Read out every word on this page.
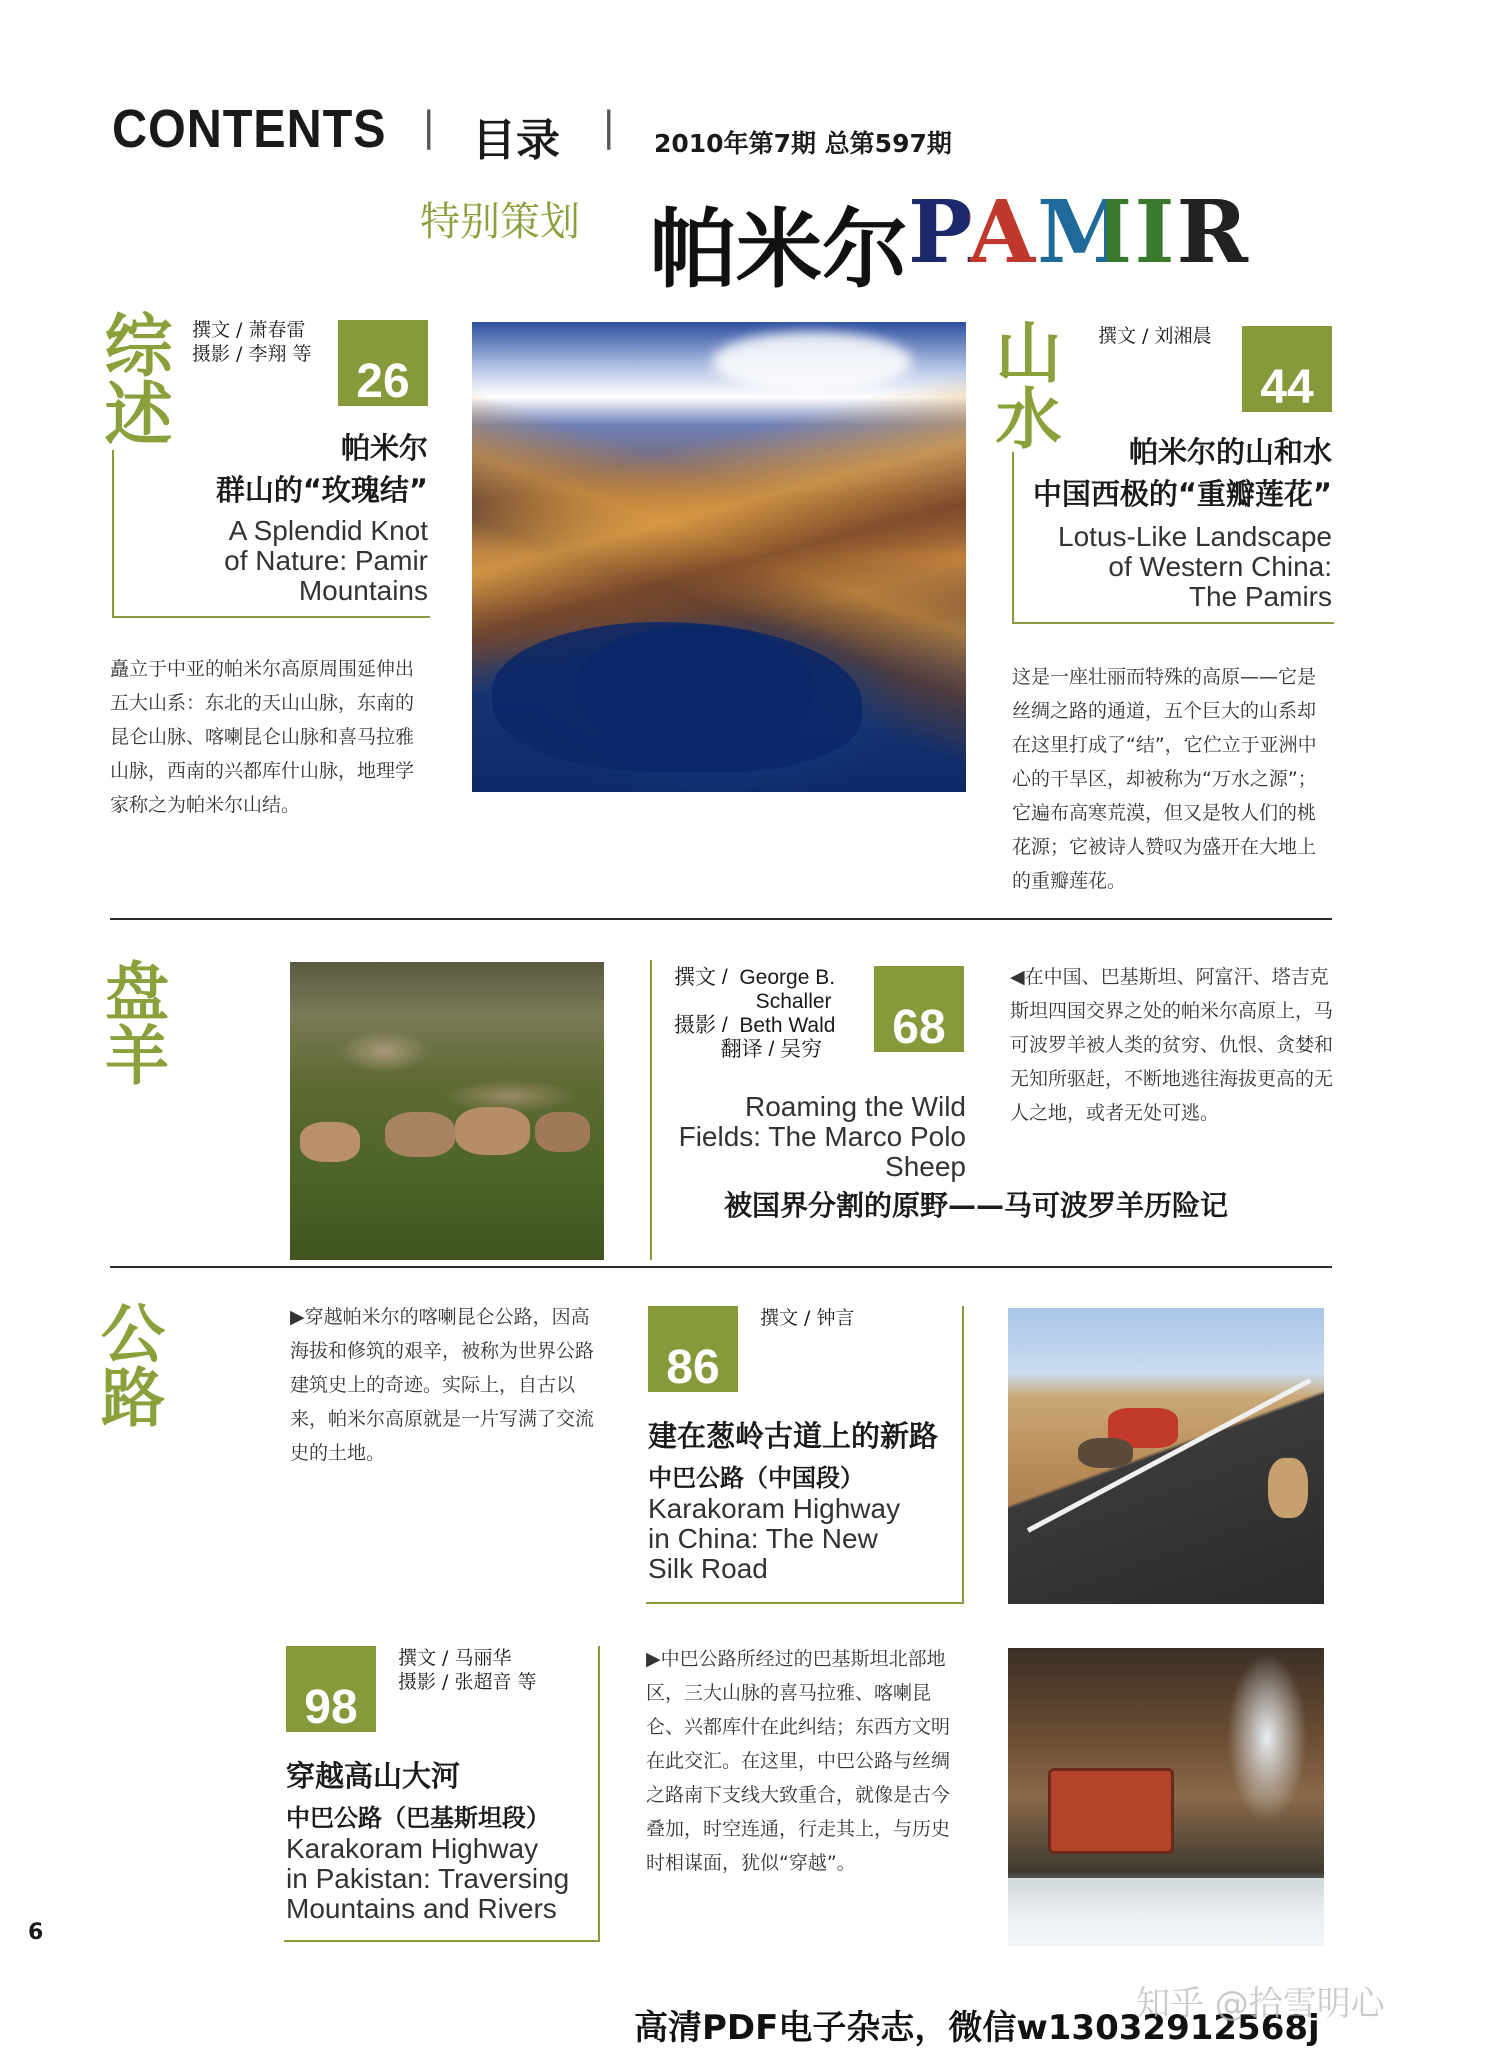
CONTENTS | 目录 | 2010年第7期 总第597期
特别策划 帕米尔 PAMIR
综述 撰文 / 萧春雷
摄影 / 李翔 等
26
帕米尔
群山的“玫瑰结”
A Splendid Knot
of Nature: Pamir
Mountains
矗立于中亚的帕米尔高原周围延伸出五大山系：东北的天山山脉，东南的昆仑山脉、喀喇昆仑山脉和喜马拉雅山脉，西南的兴都库什山脉，地理学家称之为帕米尔山结。
山水 撰文 / 刘湘晨
44
帕米尔的山和水
中国西极的“重瓣莲花”
Lotus-Like Landscape
of Western China:
The Pamirs
这是一座壮丽而特殊的高原——它是丝绸之路的通道，五个巨大的山系却在这里打成了“结”，它伫立于亚洲中心的干旱区，却被称为“万水之源”；它遍布高寒荒漠，但又是牧人们的桃花源；它被诗人赞叹为盛开在大地上的重瓣莲花。
盘羊	撰文 /  George B.
Schaller
摄影 /  Beth Wald
翻译 / 吴穷	68
Roaming the Wild
Fields: The Marco Polo
Sheep
被国界分割的原野——马可波罗羊历险记
◀在中国、巴基斯坦、阿富汗、塔吉克斯坦四国交界之处的帕米尔高原上，马可波罗羊被人类的贫穷、仇恨、贪婪和无知所驱赶，不断地逃往海拔更高的无人之地，或者无处可逃。
公路	▶穿越帕米尔的喀喇昆仑公路，因高海拔和修筑的艰辛，被称为世界公路建筑史上的奇迹。实际上，自古以来，帕米尔高原就是一片写满了交流史的土地。
86
撰文 / 钟言
建在葱岭古道上的新路
中巴公路（中国段）
Karakoram Highway
in China: The New
Silk Road
98
撰文 / 马丽华
摄影 / 张超音 等
穿越高山大河
中巴公路（巴基斯坦段）
Karakoram Highway
in Pakistan: Traversing
Mountains and Rivers
▶中巴公路所经过的巴基斯坦北部地区，三大山脉的喜马拉雅、喀喇昆仑、兴都库什在此纠结；东西方文明在此交汇。在这里，中巴公路与丝绸之路南下支线大致重合，就像是古今叠加，时空连通，行走其上，与历史时相谋面，犹似“穿越”。
6
高清PDF电子杂志，微信w13032912568j
知乎 @拾雪明心
